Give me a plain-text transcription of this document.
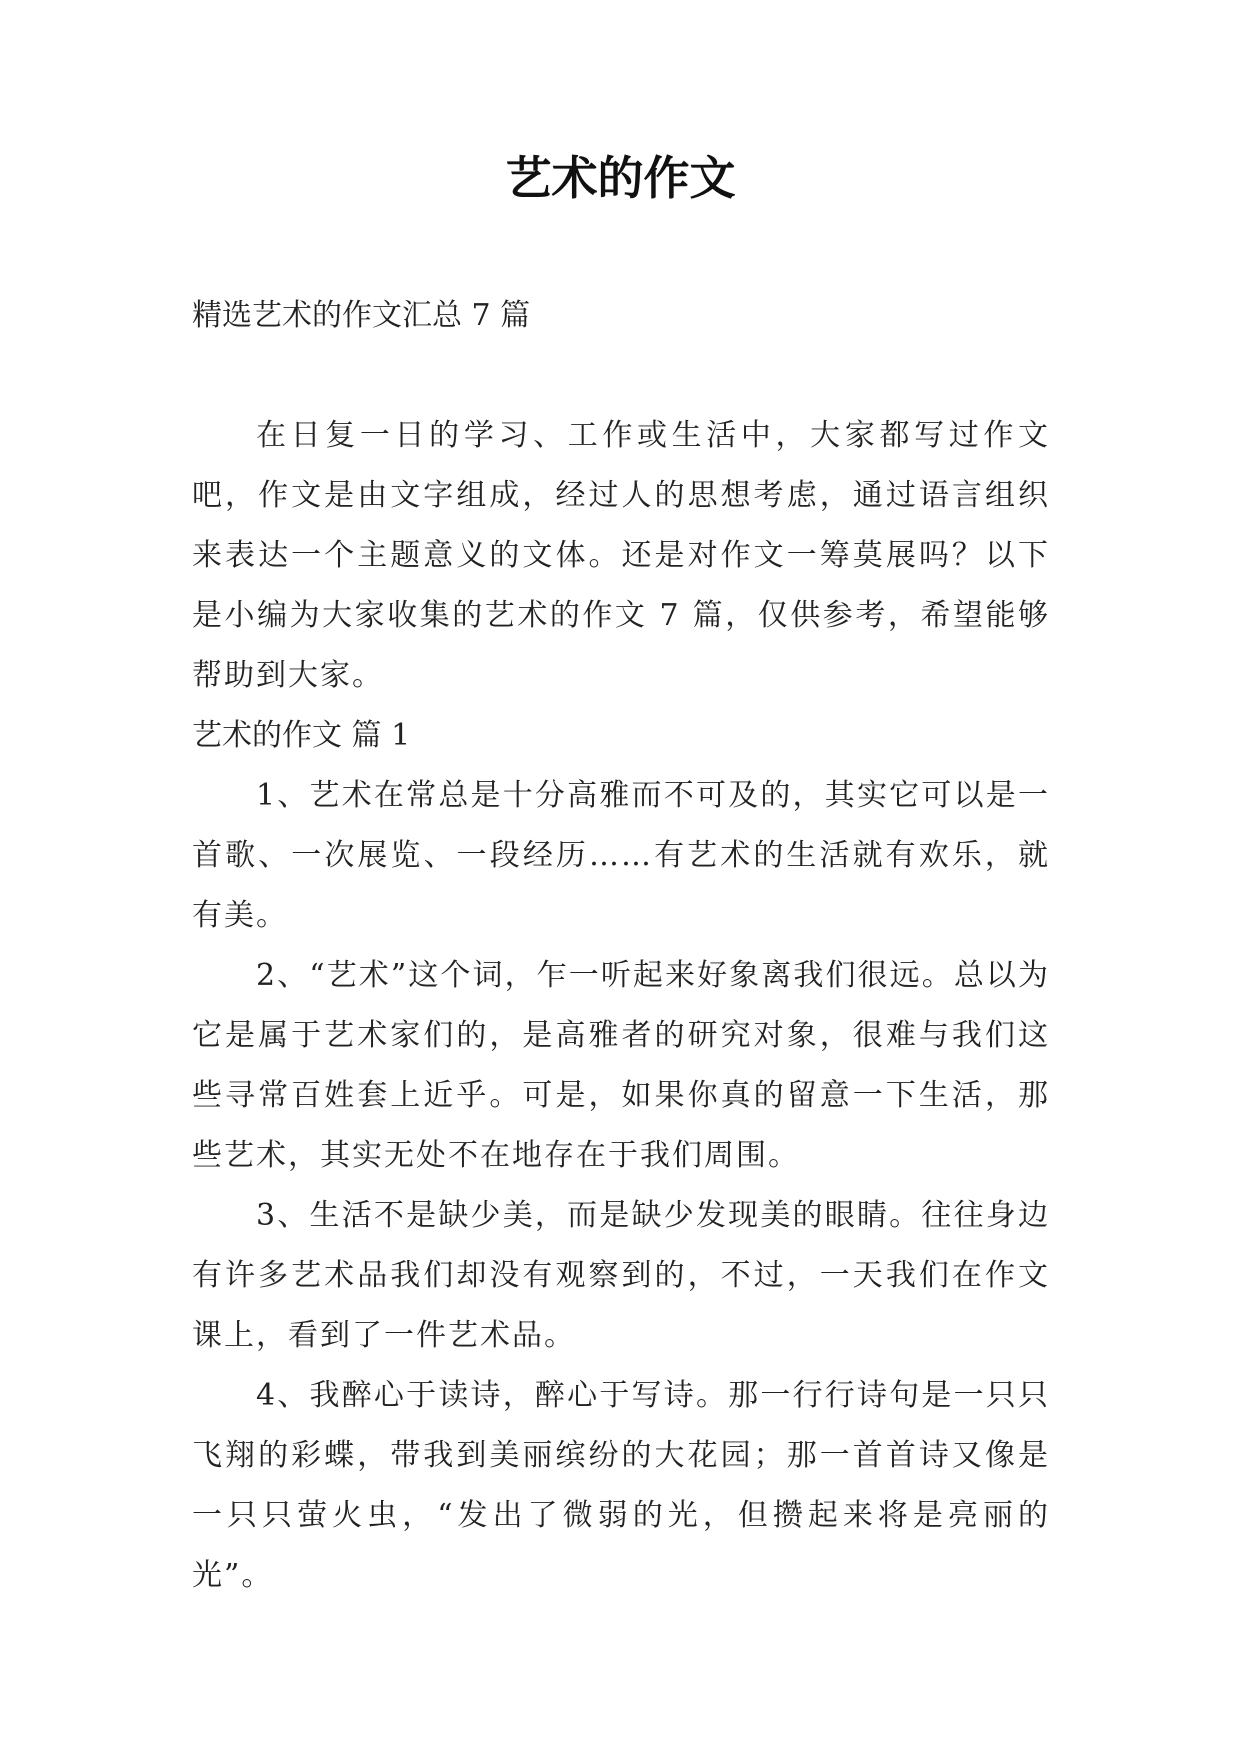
艺术的作文

精选艺术的作文汇总 7 篇

在日复一日的学习、工作或生活中，大家都写过作文吧，作文是由文字组成，经过人的思想考虑，通过语言组织来表达一个主题意义的文体。还是对作文一筹莫展吗？以下是小编为大家收集的艺术的作文 7 篇，仅供参考，希望能够帮助到大家。

艺术的作文 篇 1

1、艺术在常总是十分高雅而不可及的，其实它可以是一首歌、一次展览、一段经历……有艺术的生活就有欢乐，就有美。

2、“艺术”这个词，乍一听起来好象离我们很远。总以为它是属于艺术家们的，是高雅者的研究对象，很难与我们这些寻常百姓套上近乎。可是，如果你真的留意一下生活，那些艺术，其实无处不在地存在于我们周围。

3、生活不是缺少美，而是缺少发现美的眼睛。往往身边有许多艺术品我们却没有观察到的，不过，一天我们在作文课上，看到了一件艺术品。

4、我醉心于读诗，醉心于写诗。那一行行诗句是一只只飞翔的彩蝶，带我到美丽缤纷的大花园；那一首首诗又像是一只只萤火虫，“发出了微弱的光，但攒起来将是亮丽的光”。
